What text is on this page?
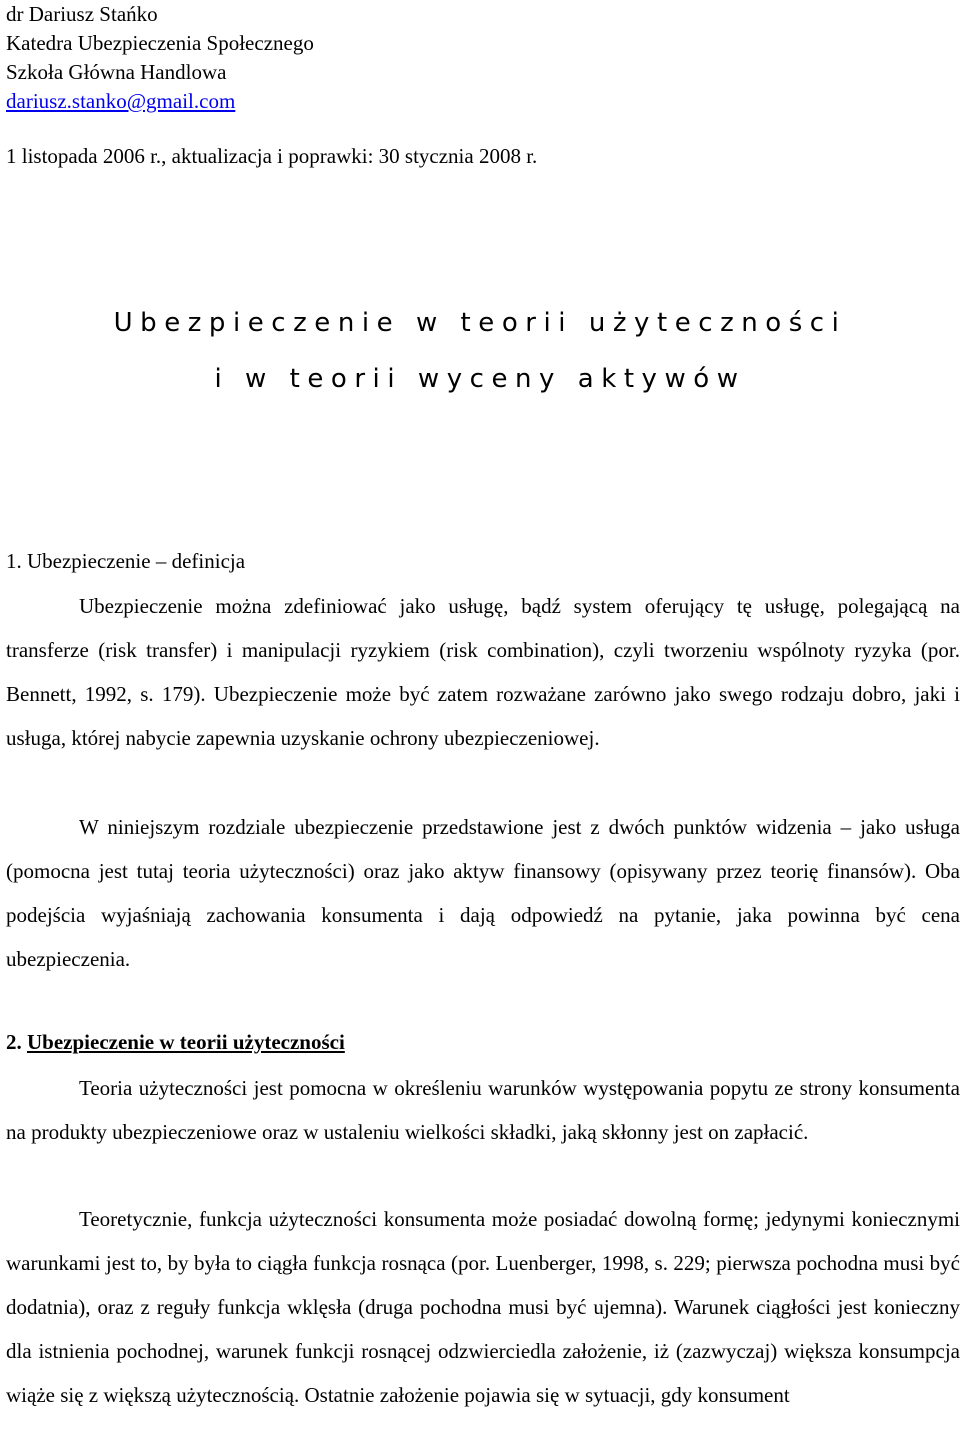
dr Dariusz Stańko
Katedra Ubezpieczenia Społecznego
Szkoła Główna Handlowa
dariusz.stanko@gmail.com
1 listopada 2006 r., aktualizacja i poprawki: 30 stycznia 2008 r.
Ubezpieczenie w teorii użyteczności
i w teorii wyceny aktywów
1. Ubezpieczenie – definicja
Ubezpieczenie można zdefiniować jako usługę, bądź system oferujący tę usługę, polegającą na transferze (risk transfer) i manipulacji ryzykiem (risk combination), czyli tworzeniu wspólnoty ryzyka (por. Bennett, 1992, s. 179). Ubezpieczenie może być zatem rozważane zarówno jako swego rodzaju dobro, jaki i usługa, której nabycie zapewnia uzyskanie ochrony ubezpieczeniowej.
W niniejszym rozdziale ubezpieczenie przedstawione jest z dwóch punktów widzenia – jako usługa (pomocna jest tutaj teoria użyteczności) oraz jako aktyw finansowy (opisywany przez teorię finansów). Oba podejścia wyjaśniają zachowania konsumenta i dają odpowiedź na pytanie, jaka powinna być cena ubezpieczenia.
2. Ubezpieczenie w teorii użyteczności
Teoria użyteczności jest pomocna w określeniu warunków występowania popytu ze strony konsumenta na produkty ubezpieczeniowe oraz w ustaleniu wielkości składki, jaką skłonny jest on zapłacić.
Teoretycznie, funkcja użyteczności konsumenta może posiadać dowolną formę; jedynymi koniecznymi warunkami jest to, by była to ciągła funkcja rosnąca (por. Luenberger, 1998, s. 229; pierwsza pochodna musi być dodatnia), oraz z reguły funkcja wklęsła (druga pochodna musi być ujemna). Warunek ciągłości jest konieczny dla istnienia pochodnej, warunek funkcji rosnącej odzwierciedla założenie, iż (zazwyczaj) większa konsumpcja wiąże się z większą użytecznością. Ostatnie założenie pojawia się w sytuacji, gdy konsument
